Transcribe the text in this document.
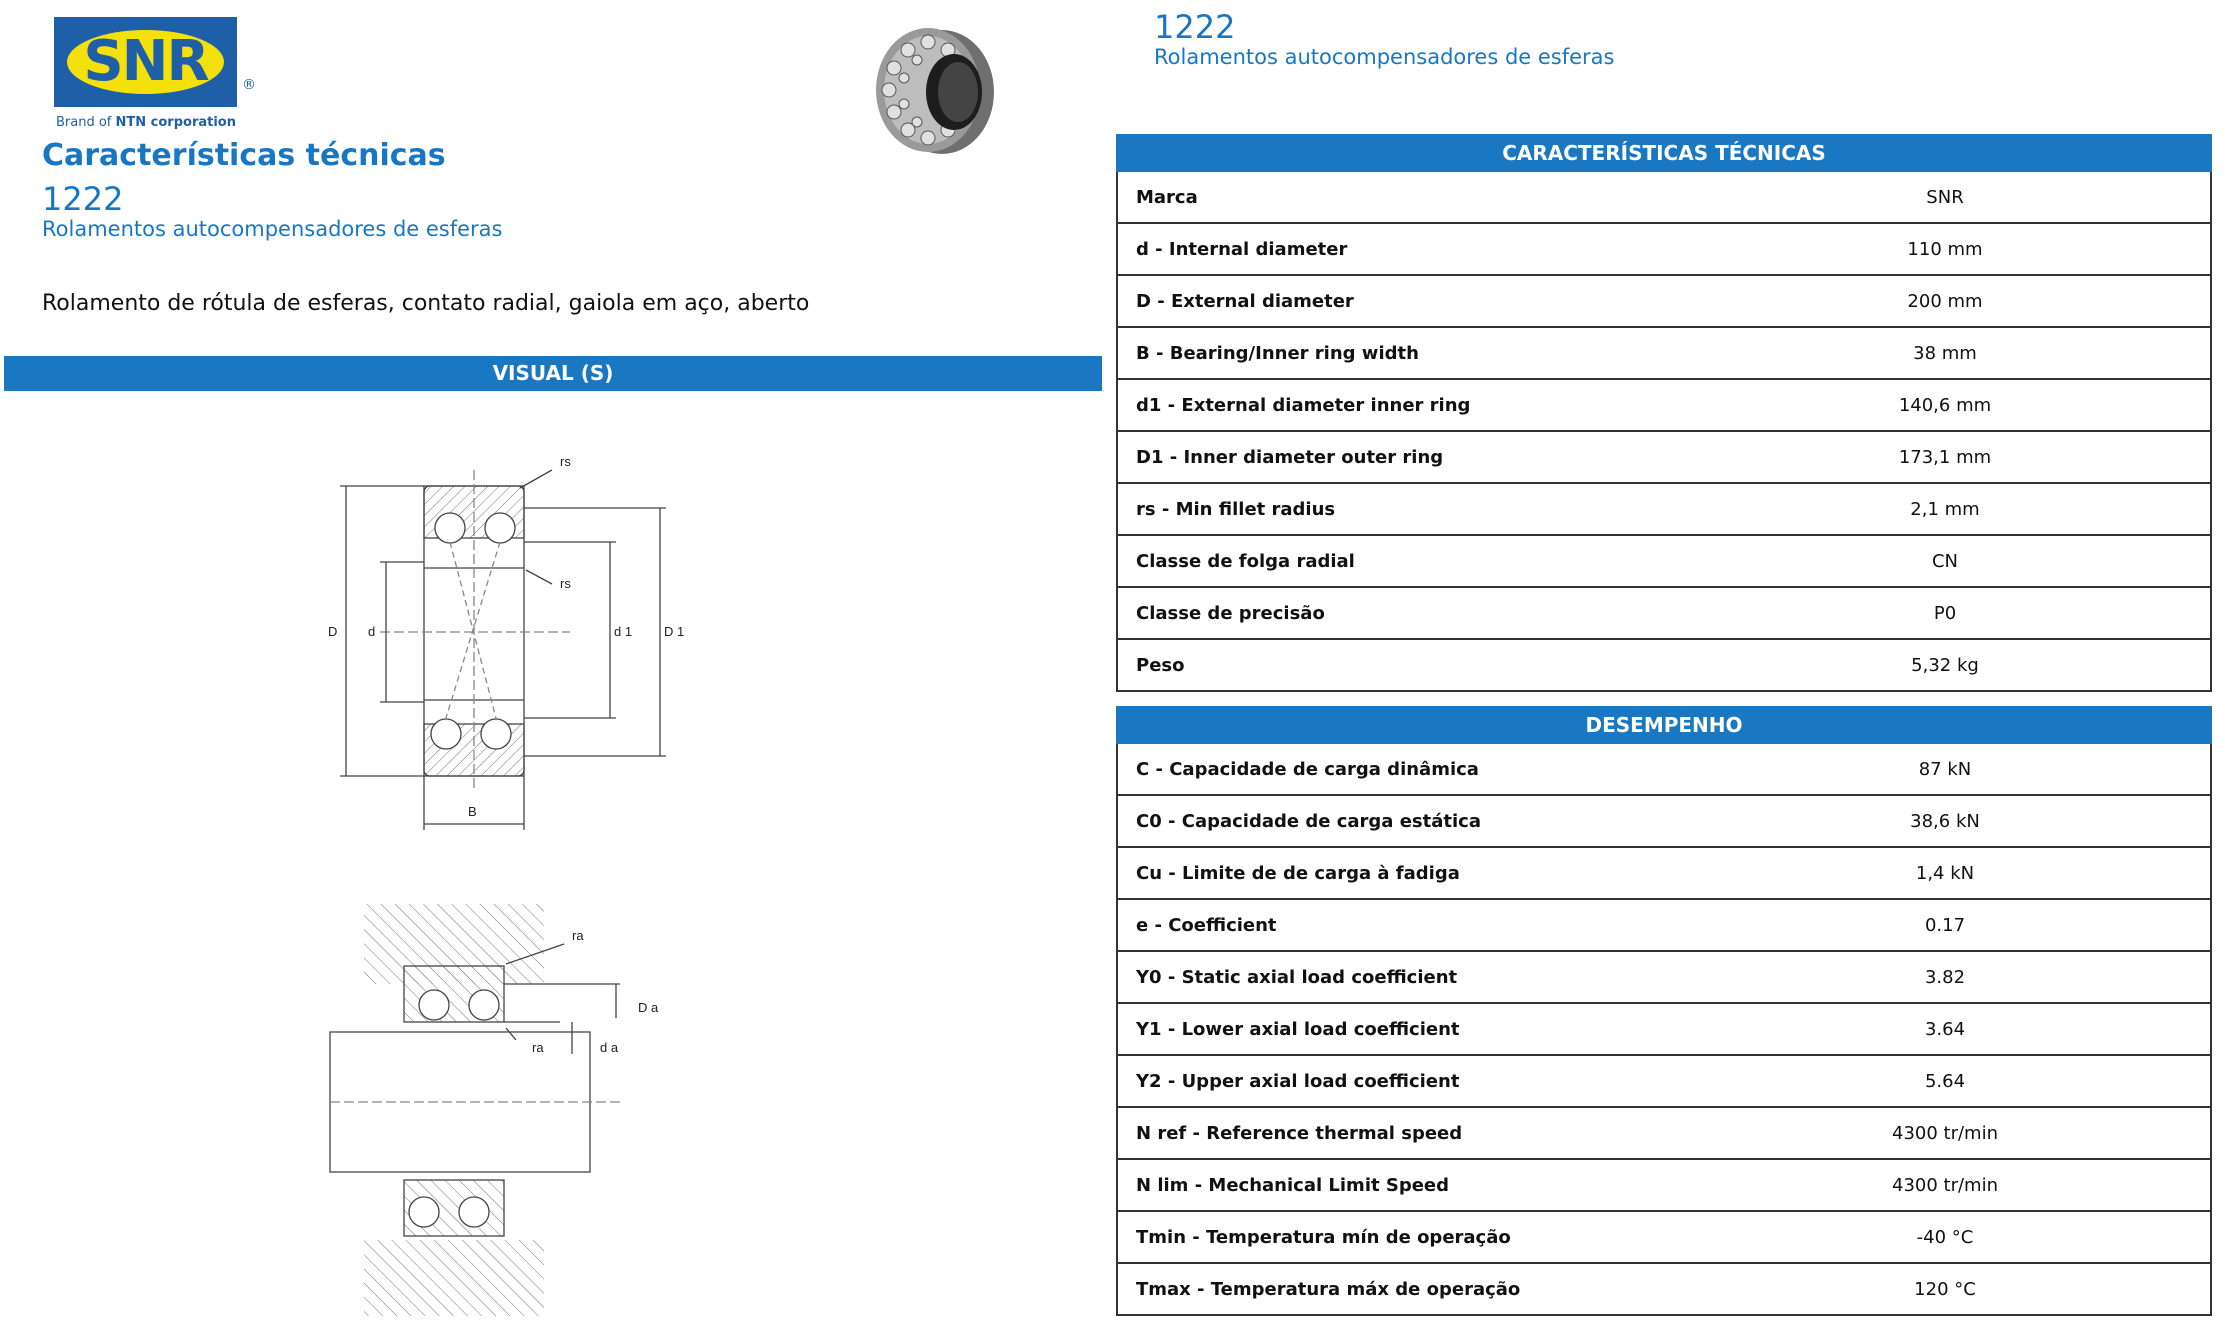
SNR	®
Brand of NTN corporation
Características técnicas
1222
Rolamentos autocompensadores de esferas
Rolamento de rótula de esferas, contato radial, gaiola em aço, aberto
VISUAL (S)
rs
rs
D d	d 1 D 1
B
ra
ra
D a
d a
1222
Rolamentos autocompensadores de esferas
CARACTERÍSTICAS TÉCNICAS
Marca	SNR
d - Internal diameter	110 mm
D - External diameter	200 mm
B - Bearing/Inner ring width	38 mm
d1 - External diameter inner ring	140,6 mm
D1 - Inner diameter outer ring	173,1 mm
rs - Min fillet radius	2,1 mm
Classe de folga radial	CN
Classe de precisão	P0
Peso	5,32 kg
DESEMPENHO
C - Capacidade de carga dinâmica	87 kN
C0 - Capacidade de carga estática	38,6 kN
Cu - Limite de de carga à fadiga	1,4 kN
e - Coefficient	0.17
Y0 - Static axial load coefficient	3.82
Y1 - Lower axial load coefficient	3.64
Y2 - Upper axial load coefficient	5.64
N ref - Reference thermal speed	4300 tr/min
N lim - Mechanical Limit Speed	4300 tr/min
Tmin - Temperatura mín de operação	-40 °C
Tmax - Temperatura máx de operação	120 °C
